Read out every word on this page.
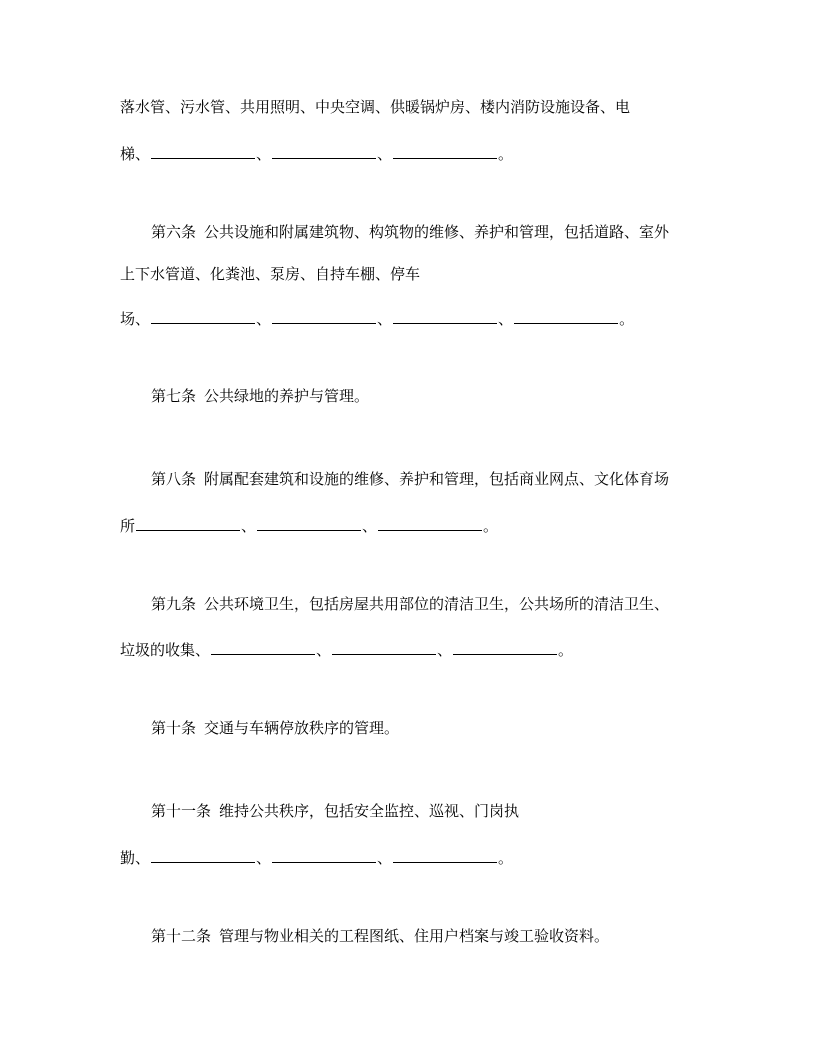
落水管、污水管、共用照明、中央空调、供暖锅炉房、楼内消防设施设备、电
梯、	、	、	。
第六条 公共设施和附属建筑物、构筑物的维修、养护和管理，包括道路、室外
上下水管道、化粪池、泵房、自持车棚、停车
场、	、	、	、	。
第七条 公共绿地的养护与管理。
第八条 附属配套建筑和设施的维修、养护和管理，包括商业网点、文化体育场
所	、	、	。
第九条 公共环境卫生，包括房屋共用部位的清洁卫生，公共场所的清洁卫生、
垃圾的收集、	、	、	。
第十条 交通与车辆停放秩序的管理。
第十一条 维持公共秩序，包括安全监控、巡视、门岗执
勤、	、	、	。
第十二条 管理与物业相关的工程图纸、住用户档案与竣工验收资料。
